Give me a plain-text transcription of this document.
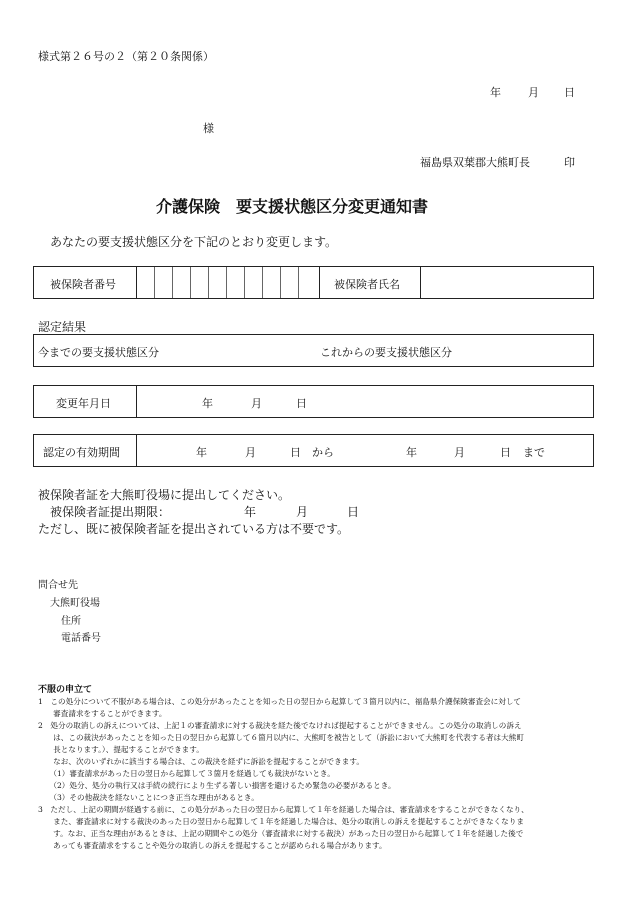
様式第２６号の２（第２０条関係）
年 月 日
様
福島県双葉郡大熊町長	印
介護保険　要支援状態区分変更通知書
あなたの要支援状態区分を下記のとおり変更します。
被保険者番号	被保険者氏名
認定結果
今までの要支援状態区分	これからの要支援状態区分
変更年月日	年	月	日
認定の有効期間	年	月	日 から	年	月	日 まで
被保険者証を大熊町役場に提出してください。
被保険者証提出期限：	年	月	日
ただし、既に被保険者証を提出されている方は不要です。
問合せ先
大熊町役場
住所
電話番号
不服の申立て
1　この処分について不服がある場合は、この処分があったことを知った日の翌日から起算して３箇月以内に、福島県介護保険審査会に対して
　　審査請求をすることができます。
2　処分の取消しの訴えについては、上記１の審査請求に対する裁決を経た後でなければ提起することができません。この処分の取消しの訴え
　　は、この裁決があったことを知った日の翌日から起算して６箇月以内に、大熊町を被告として（訴訟において大熊町を代表する者は大熊町
　　長となります。）、提起することができます。
　　なお、次のいずれかに該当する場合は、この裁決を経ずに訴訟を提起することができます。
　　（1）審査請求があった日の翌日から起算して３箇月を経過しても裁決がないとき。
　　（2）処分、処分の執行又は手続の続行により生ずる著しい損害を避けるため緊急の必要があるとき。
　　（3）その他裁決を経ないことにつき正当な理由があるとき。
3　ただし、上記の期間が経過する前に、この処分があった日の翌日から起算して１年を経過した場合は、審査請求をすることができなくなり、
　　また、審査請求に対する裁決のあった日の翌日から起算して１年を経過した場合は、処分の取消しの訴えを提起することができなくなりま
　　す。なお、正当な理由があるときは、上記の期間やこの処分（審査請求に対する裁決）があった日の翌日から起算して１年を経過した後で
　　あっても審査請求をすることや処分の取消しの訴えを提起することが認められる場合があります。
